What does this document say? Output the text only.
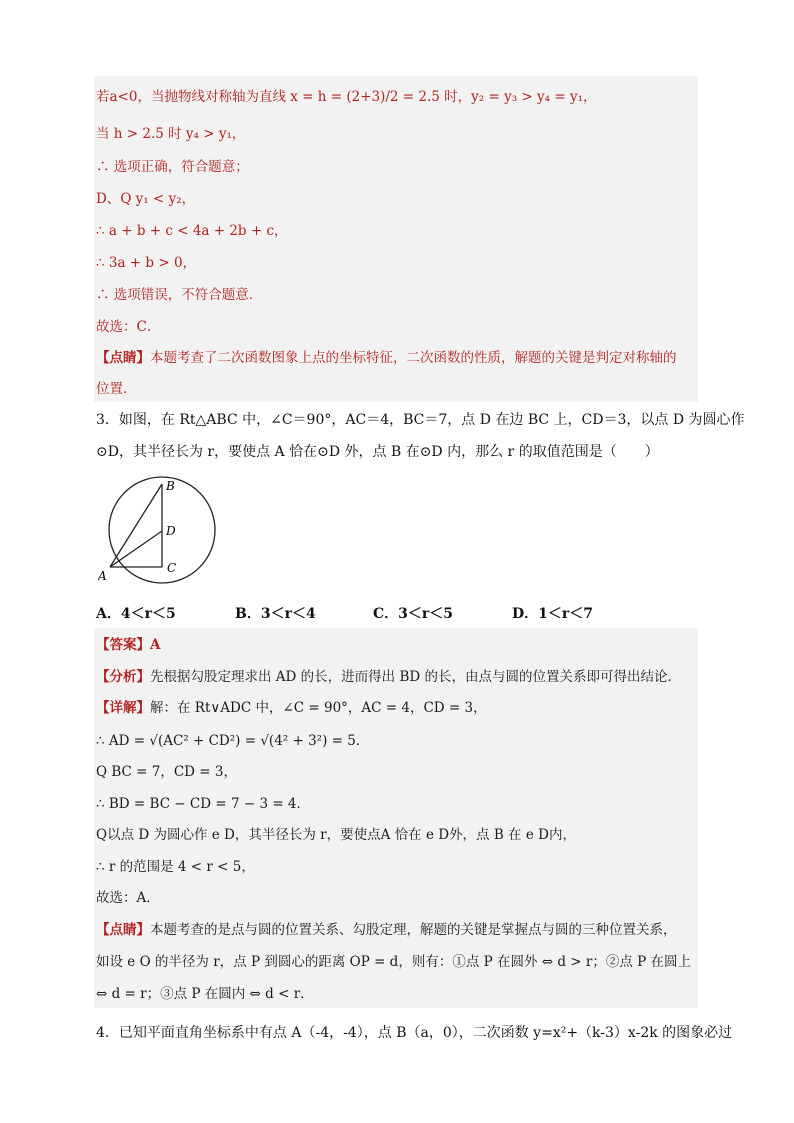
若a<0，当抛物线对称轴为直线 x = h = (2+3)/2 = 2.5 时，y₂ = y₃ > y₄ = y₁，
当 h > 2.5 时 y₄ > y₁，
∴ 选项正确，符合题意；
D、Q y₁ < y₂，
∴ a + b + c < 4a + 2b + c，
∴ 3a + b > 0，
∴ 选项错误，不符合题意．
故选：C．
【点睛】本题考查了二次函数图象上点的坐标特征，二次函数的性质，解题的关键是判定对称轴的
位置．
3．如图，在 Rt△ABC 中，∠C＝90°，AC＝4，BC＝7，点 D 在边 BC 上，CD＝3，以点 D 为圆心作
⊙D，其半径长为 r，要使点 A 恰在⊙D 外，点 B 在⊙D 内，那么 r 的取值范围是（　　）
B
D
C
A
A．4＜r＜5	B．3＜r＜4	C．3＜r＜5	D．1＜r＜7
【答案】A
【分析】先根据勾股定理求出 AD 的长，进而得出 BD 的长，由点与圆的位置关系即可得出结论．
【详解】解：在 Rt∨ADC 中，∠C = 90°，AC = 4，CD = 3，
∴ AD = √(AC² + CD²) = √(4² + 3²) = 5．
Q BC = 7，CD = 3，
∴ BD = BC − CD = 7 − 3 = 4．
Q以点 D 为圆心作 e D，其半径长为 r，要使点A 恰在 e D外，点 B 在 e D内，
∴ r 的范围是 4 < r < 5，
故选：A．
【点睛】本题考查的是点与圆的位置关系、勾股定理，解题的关键是掌握点与圆的三种位置关系，
如设 e O 的半径为 r，点 P 到圆心的距离 OP = d，则有：①点 P 在圆外 ⇔ d > r；②点 P 在圆上
⇔ d = r；③点 P 在圆内 ⇔ d < r．
4．已知平面直角坐标系中有点 A（-4，-4），点 B（a，0），二次函数 y=x²+（k-3）x-2k 的图象必过
